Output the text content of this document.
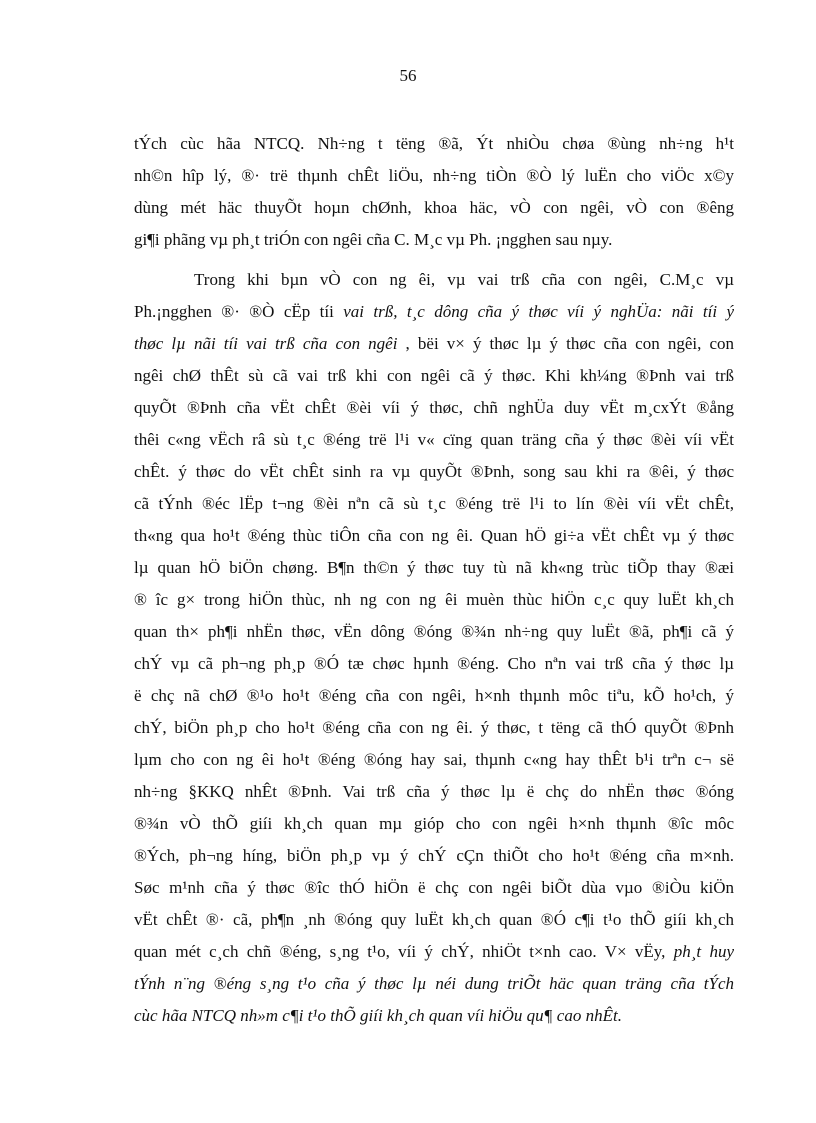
56
tÝch cùc hãa NTCQ. Nh÷ng t tëng ®ã, Ýt nhiÒu chøa ®ùng nh÷ng h¹t
nh©n hîp lý, ®· trë thµnh chÊt liÖu, nh÷ng tiÒn ®Ò lý luËn cho viÖc x©y
dùng mét häc thuyÕt hoµn chØnh, khoa häc, vÒ con ngêi, vÒ con ®êng
gi¶i phãng vµ ph¸t triÓn con ngêi cña C. M¸c vµ Ph. ¡ngghen sau nµy.
Trong khi bµn vÒ con ng êi, vµ vai trß cña con ngêi, C.M¸c vµ
Ph.¡ngghen ®· ®Ò cËp tíi vai trß, t¸c dông cña ý thøc víi ý nghÜa: nãi tíi ý
thøc lµ nãi tíi vai trß cña con ngêi , bëi v× ý thøc lµ ý thøc cña con ngêi, con
ngêi chØ thÊt sù cã vai trß khi con ngêi cã ý thøc. Khi kh¼ng ®Þnh vai trß
quyÕt ®Þnh cña vËt chÊt ®èi víi ý thøc, chñ nghÜa duy vËt m¸cxÝt ®ång
thêi c«ng vËch râ sù t¸c ®éng trë l¹i v« cïng quan träng cña ý thøc ®èi víi vËt
chÊt. ý thøc do vËt chÊt sinh ra vµ quyÕt ®Þnh, song sau khi ra ®êi, ý thøc
cã tÝnh ®éc lËp t¬ng ®èi nªn cã sù t¸c ®éng trë l¹i to lín ®èi víi vËt chÊt,
th«ng qua ho¹t ®éng thùc tiÔn cña con ng êi. Quan hÖ gi÷a vËt chÊt vµ ý thøc
lµ quan hÖ biÖn chøng. B¶n th©n ý thøc tuy tù nã kh«ng trùc tiÕp thay ®æi
® îc g× trong hiÖn thùc, nh ng con ng êi muèn thùc hiÖn c¸c quy luËt kh¸ch
quan th× ph¶i nhËn thøc, vËn dông ®óng ®¾n nh÷ng quy luËt ®ã, ph¶i cã ý
chÝ vµ cã ph¬ng ph¸p ®Ó tæ chøc hµnh ®éng. Cho nªn vai trß cña ý thøc lµ
ë chç nã chØ ®¹o ho¹t ®éng cña con ngêi, h×nh thµnh môc tiªu, kÕ ho¹ch, ý
chÝ, biÖn ph¸p cho ho¹t ®éng cña con ng êi. ý thøc, t tëng cã thÓ quyÕt ®Þnh
lµm cho con ng êi ho¹t ®éng ®óng hay sai, thµnh c«ng hay thÊt b¹i trªn c¬ së
nh÷ng §KKQ nhÊt ®Þnh. Vai trß cña ý thøc lµ ë chç do nhËn thøc ®óng
®¾n vÒ thÕ giíi kh¸ch quan mµ gióp cho con ngêi h×nh thµnh ®îc môc
®Ých, ph¬ng híng, biÖn ph¸p vµ ý chÝ cÇn thiÕt cho ho¹t ®éng cña m×nh.
Søc m¹nh cña ý thøc ®îc thÓ hiÖn ë chç con ngêi biÕt dùa vµo ®iÒu kiÖn
vËt chÊt ®· cã, ph¶n ¸nh ®óng quy luËt kh¸ch quan ®Ó c¶i t¹o thÕ giíi kh¸ch
quan mét c¸ch chñ ®éng, s¸ng t¹o, víi ý chÝ, nhiÖt t×nh cao. V× vËy, ph¸t huy
tÝnh n¨ng ®éng s¸ng t¹o cña ý thøc lµ néi dung triÕt häc quan träng cña tÝch
cùc hãa NTCQ nh»m c¶i t¹o thÕ giíi kh¸ch quan víi hiÖu qu¶ cao nhÊt.
